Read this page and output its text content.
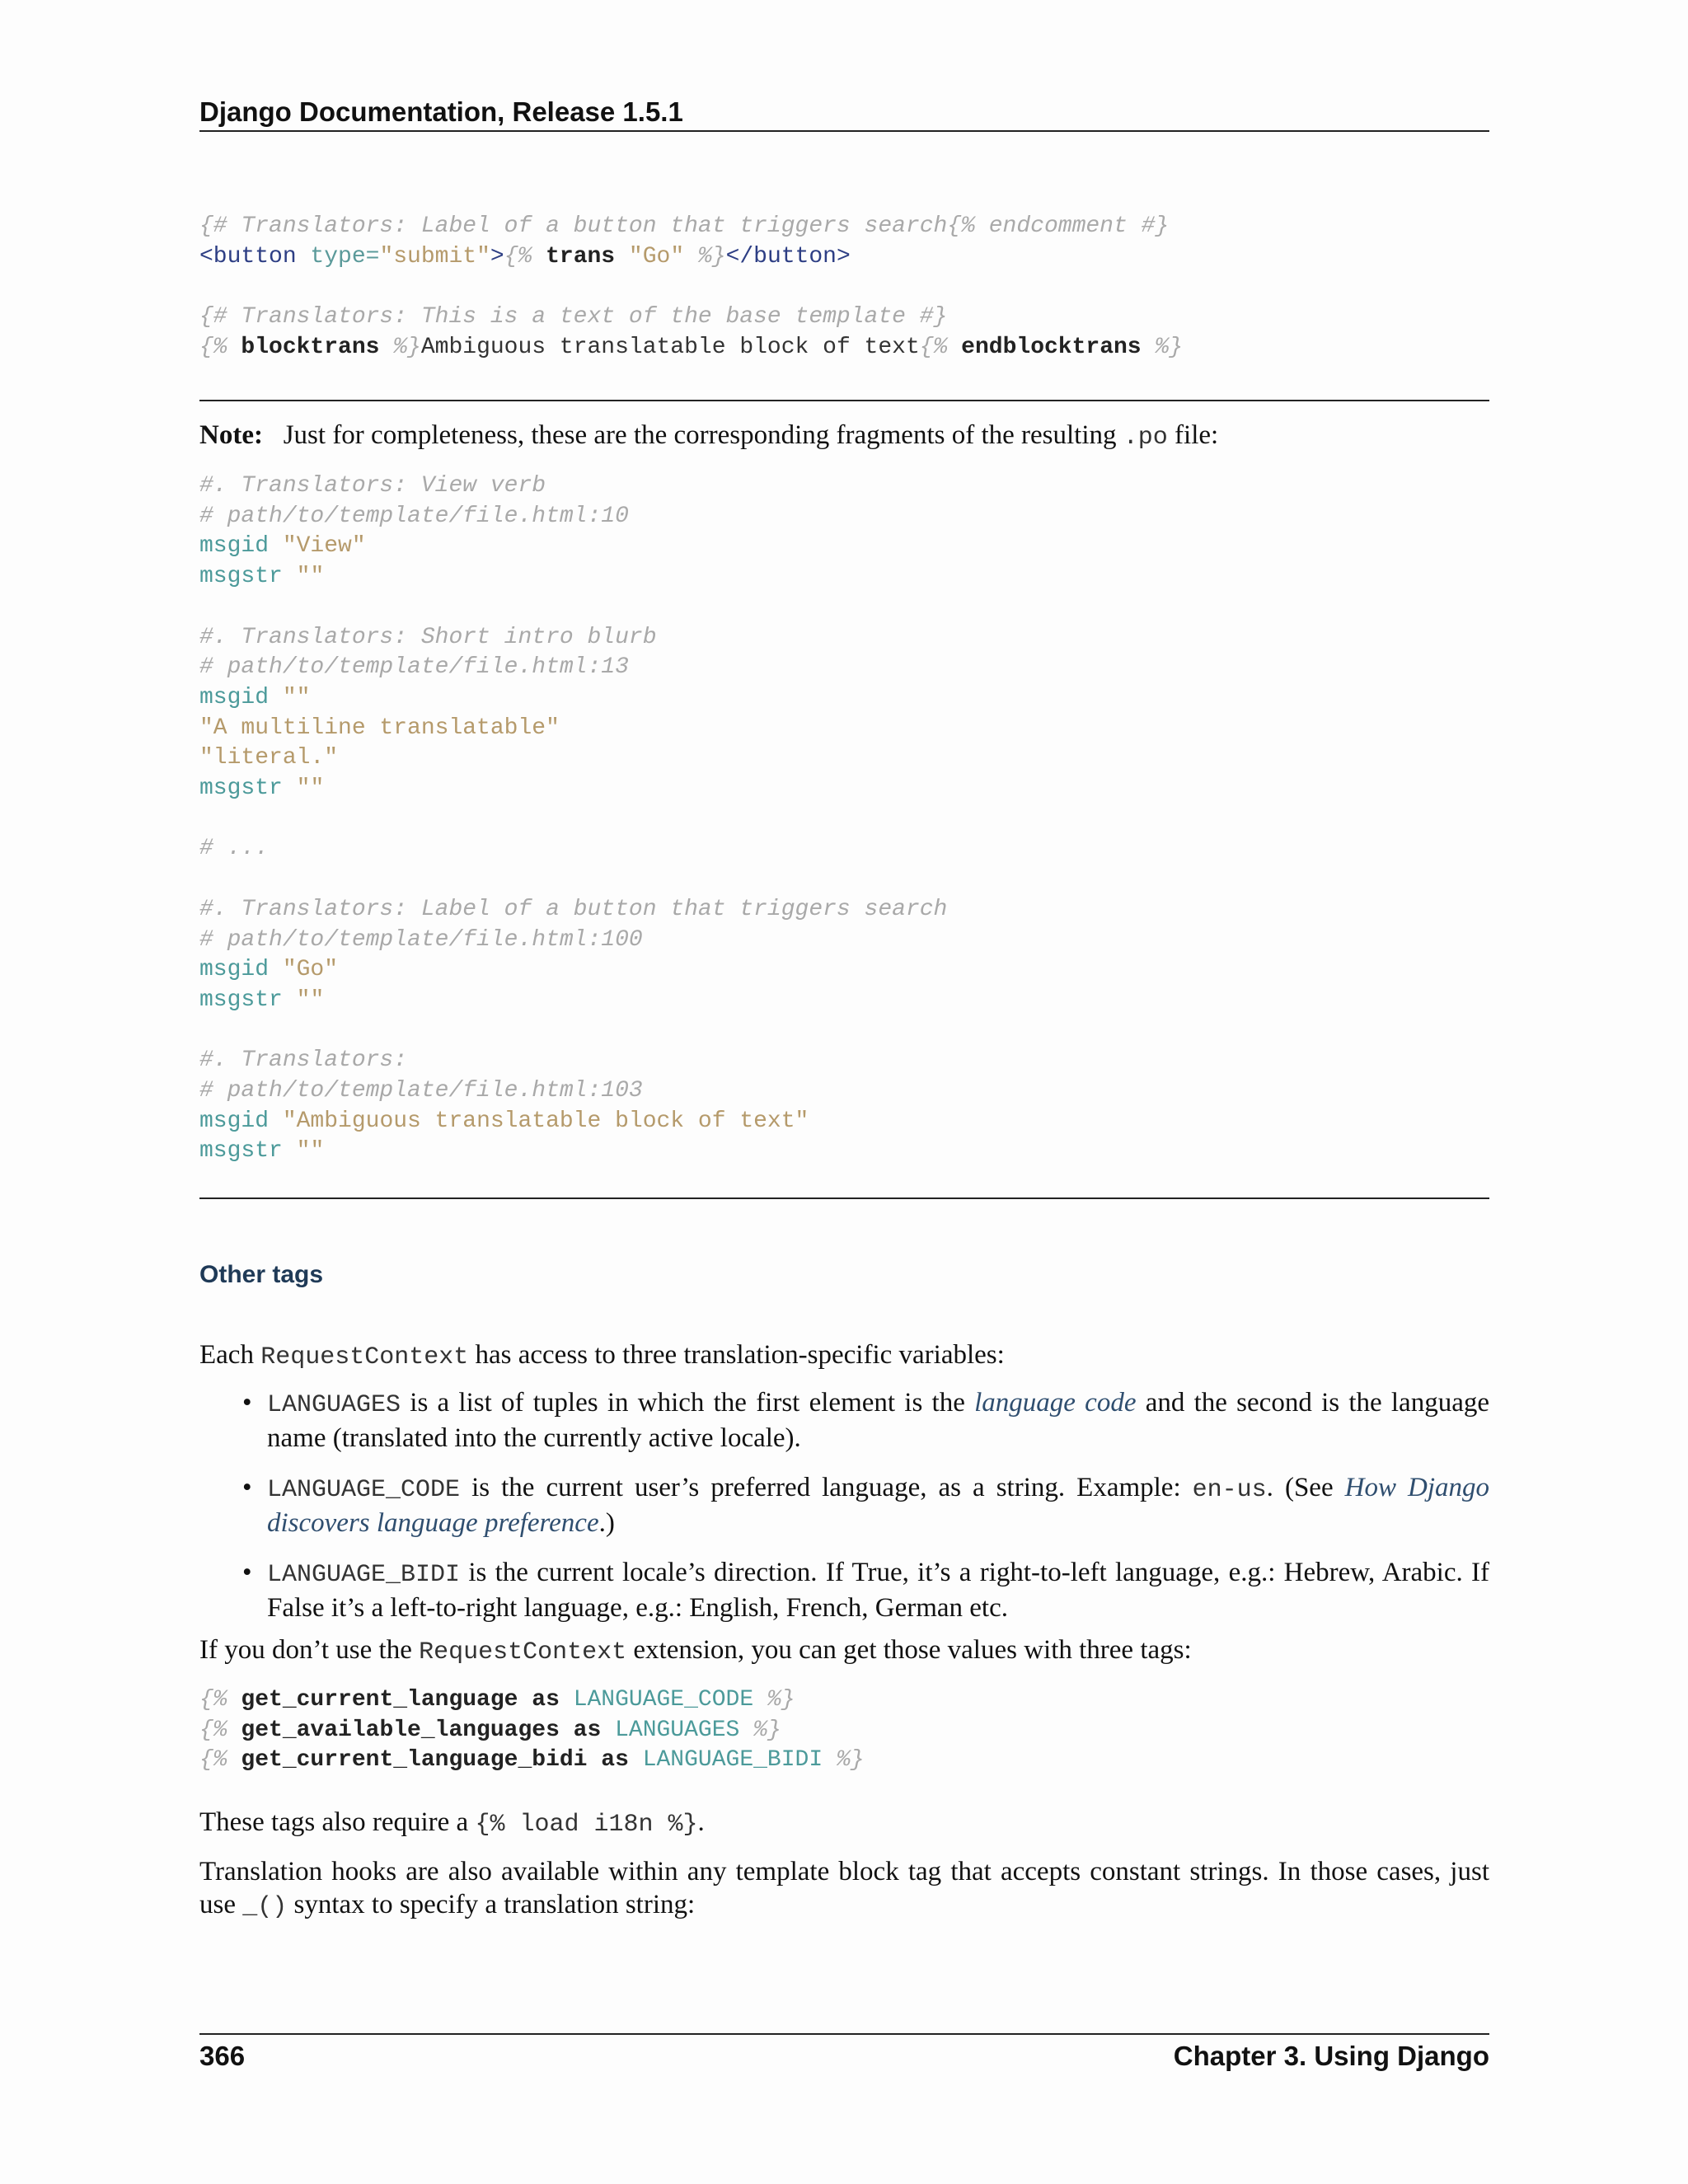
Django Documentation, Release 1.5.1
{# Translators: Label of a button that triggers search{% endcomment #}
<button type="submit">{% trans "Go" %}</button>

{# Translators: This is a text of the base template #}
{% blocktrans %}Ambiguous translatable block of text{% endblocktrans %}
Note: Just for completeness, these are the corresponding fragments of the resulting .po file:
#. Translators: View verb
# path/to/template/file.html:10
msgid "View"
msgstr ""

#. Translators: Short intro blurb
# path/to/template/file.html:13
msgid ""
"A multiline translatable"
"literal."
msgstr ""

# ...

#. Translators: Label of a button that triggers search
# path/to/template/file.html:100
msgid "Go"
msgstr ""

#. Translators:
# path/to/template/file.html:103
msgid "Ambiguous translatable block of text"
msgstr ""
Other tags
Each RequestContext has access to three translation-specific variables:
• LANGUAGES is a list of tuples in which the first element is the language code and the second is the language name (translated into the currently active locale).
• LANGUAGE_CODE is the current user’s preferred language, as a string. Example: en-us. (See How Django discovers language preference.)
• LANGUAGE_BIDI is the current locale’s direction. If True, it’s a right-to-left language, e.g.: Hebrew, Arabic. If False it’s a left-to-right language, e.g.: English, French, German etc.
If you don’t use the RequestContext extension, you can get those values with three tags:
{% get_current_language as LANGUAGE_CODE %}
{% get_available_languages as LANGUAGES %}
{% get_current_language_bidi as LANGUAGE_BIDI %}
These tags also require a {% load i18n %}.
Translation hooks are also available within any template block tag that accepts constant strings. In those cases, just use _() syntax to specify a translation string:
366	Chapter 3. Using Django
